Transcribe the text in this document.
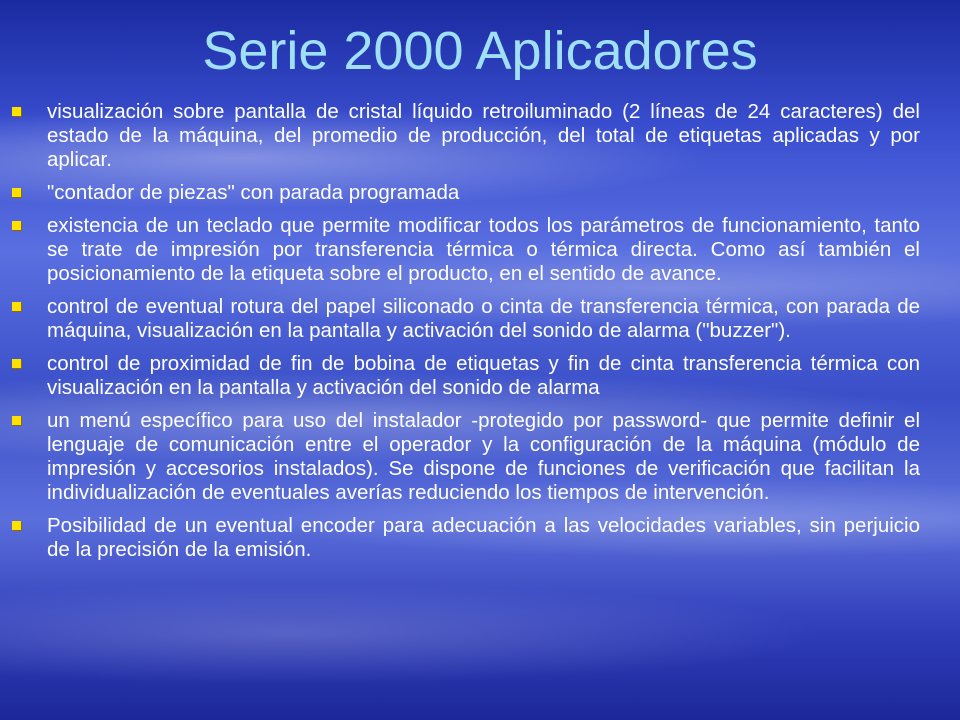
Serie 2000 Aplicadores
visualización sobre pantalla de cristal líquido retroiluminado (2 líneas de 24 caracteres) del estado de la máquina, del promedio de producción, del total de etiquetas aplicadas y por aplicar.
"contador de piezas" con parada programada
existencia de un teclado que permite modificar todos los parámetros de funcionamiento, tanto se trate de impresión por transferencia térmica o térmica directa. Como así también el posicionamiento de la etiqueta sobre el producto, en el sentido de avance.
control de eventual rotura del papel siliconado o cinta de transferencia térmica, con parada de máquina, visualización en la pantalla y activación del sonido de alarma ("buzzer").
control de proximidad de fin de bobina de etiquetas y fin de cinta transferencia térmica con visualización en la pantalla y activación del sonido de alarma
un menú específico para uso del instalador -protegido por password- que permite definir el lenguaje de comunicación entre el operador y la configuración de la máquina (módulo de impresión y accesorios instalados). Se dispone de funciones de verificación que facilitan la individualización de eventuales averías reduciendo los tiempos de intervención.
Posibilidad de un eventual encoder para adecuación a las velocidades variables, sin perjuicio de la precisión de la emisión.
